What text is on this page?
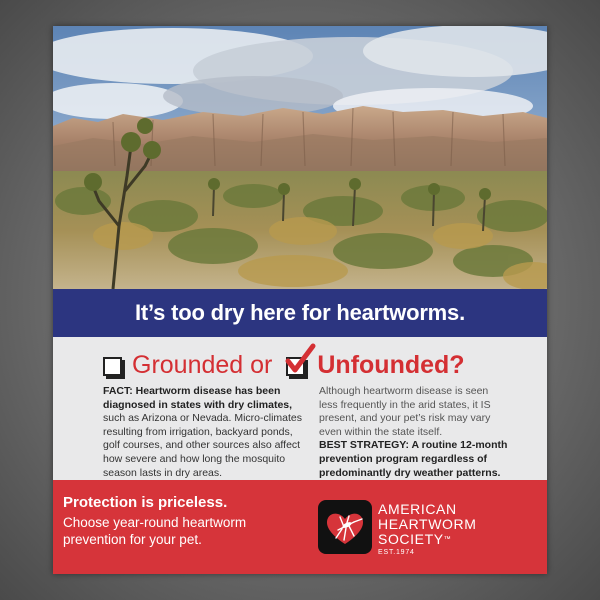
It’s too dry here for heartworms.
Grounded or Unfounded?
FACT: Heartworm disease has been diagnosed in states with dry climates, such as Arizona or Nevada. Micro-climates resulting from irrigation, backyard ponds, golf courses, and other sources also affect how severe and how long the mosquito season lasts in dry areas.
Although heartworm disease is seen less frequently in the arid states, it IS present, and your pet’s risk may vary even within the state itself.
BEST STRATEGY: A routine 12-month prevention program regardless of predominantly dry weather patterns.
Protection is priceless.
Choose year-round heartworm prevention for your pet.
AMERICAN
HEARTWORM
SOCIETY™
EST.1974
